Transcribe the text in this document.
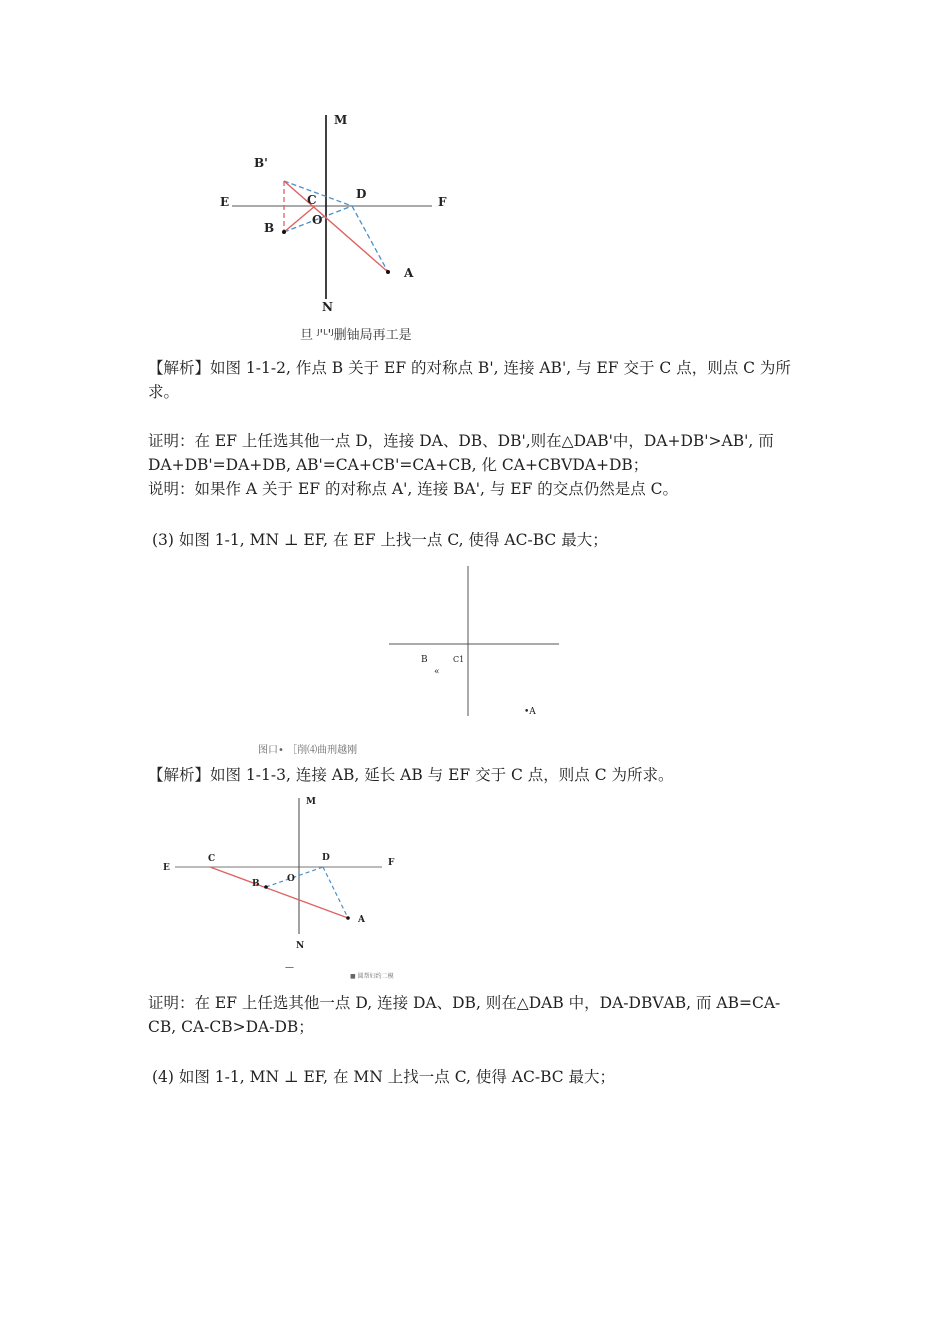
M
N
E	F
B'
B
C	D
O
A
旦 ᴶ'ᴸ'ᴶ删铀局再工是
【解析】如图 1-1-2, 作点 B 关于 EF 的对称点 B', 连接 AB', 与 EF 交于 C 点，则点 C 为所求。
证明：在 EF 上任选其他一点 D，连接 DA、DB、DB',则在△DAB'中，DA+DB'>AB', 而 DA+DB'=DA+DB, AB'=CA+CB'=CA+CB, 化 CA+CBⅤDA+DB；
说明：如果作 A 关于 EF 的对称点 A', 连接 BA', 与 EF 的交点仍然是点 C。
(3) 如图 1-1, MN ⊥ EF, 在 EF 上找一点 C, 使得 AC-BC 最大；
B	C1
«
•A
图口• ［削⑷曲刑越刚
【解析】如图 1-1-3, 连接 AB, 延长 AB 与 EF 交于 C 点，则点 C 为所求。
M
N
E	F
C	D
B	O
A
—
■ 圆帮妇约二模
证明：在 EF 上任选其他一点 D, 连接 DA、DB, 则在△DAB 中，DA-DBⅤAB, 而 AB=CA-CB, CA-CB>DA-DB；
(4) 如图 1-1, MN ⊥ EF, 在 MN 上找一点 C, 使得 AC-BC 最大；
